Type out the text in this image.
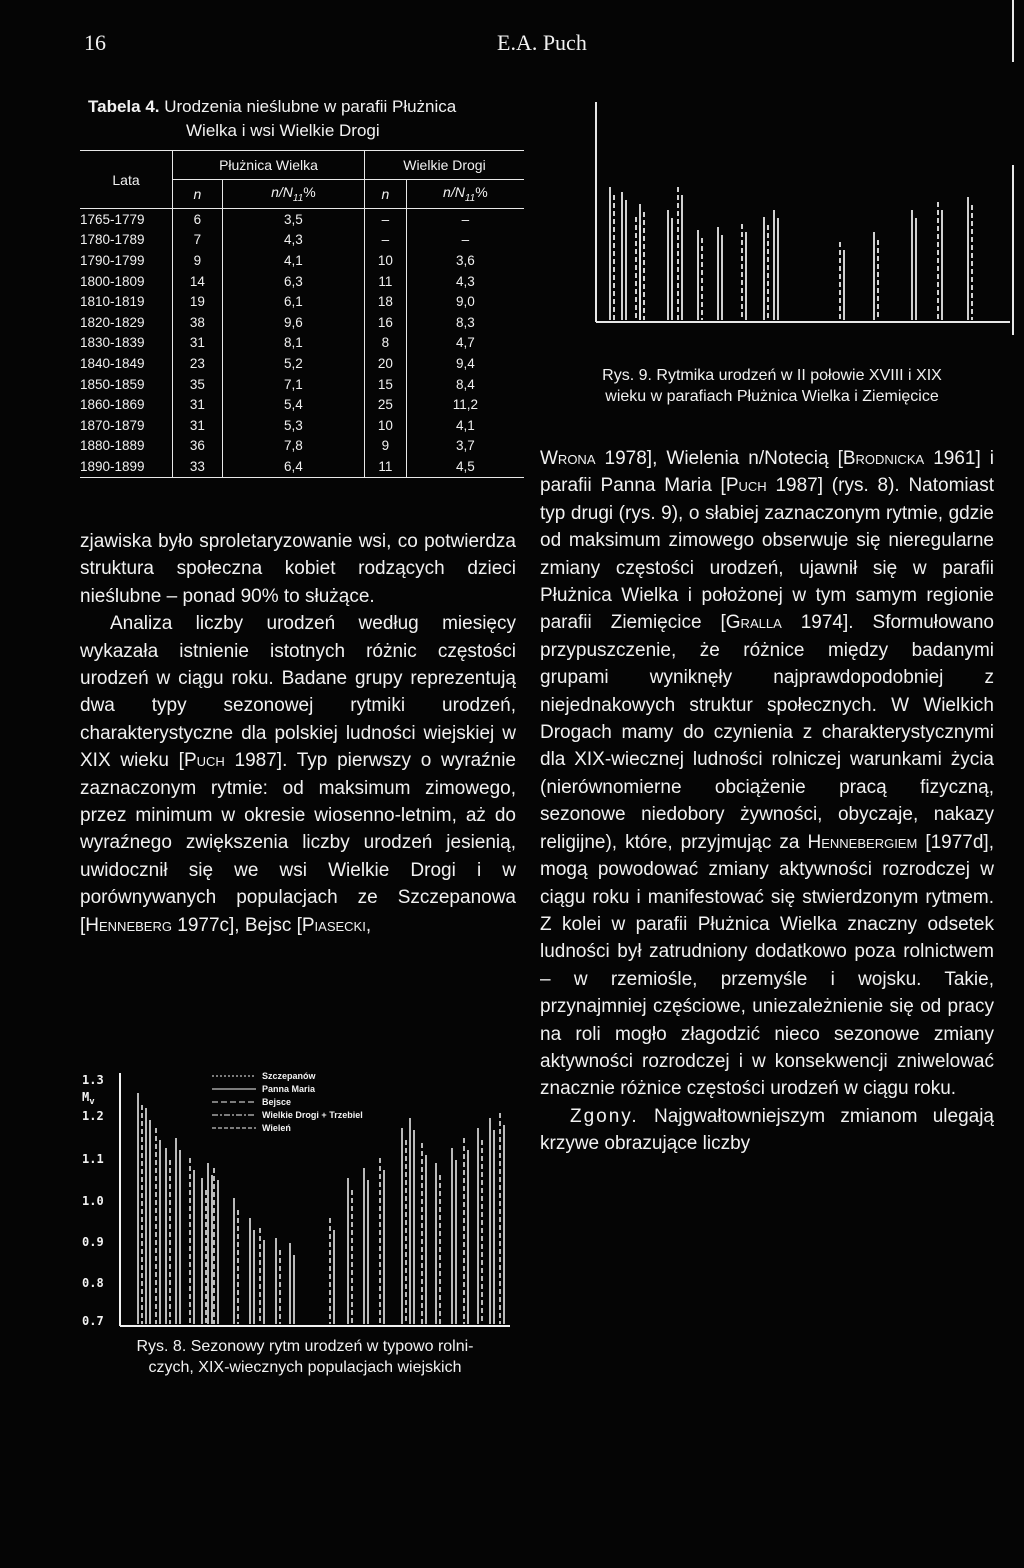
16	E.A. Puch
Tabela 4. Urodzenia nieślubne w parafii Płużnica
Wielka i wsi Wielkie Drogi
Lata	Płużnica Wielka		Wielkie Drogi	
	n	$n/N_{11}\%$	n	$n/N_{11}\%$
1765-1779	6	3,5	–	–
1780-1789	7	4,3	–	–
1790-1799	9	4,1	10	3,6
1800-1809	14	6,3	11	4,3
1810-1819	19	6,1	18	9,0
1820-1829	38	9,6	16	8,3
1830-1839	31	8,1	8	4,7
1840-1849	23	5,2	20	9,4
1850-1859	35	7,1	15	8,4
1860-1869	31	5,4	25	11,2
1870-1879	31	5,3	10	4,1
1880-1889	36	7,8	9	3,7
1890-1899	33	6,4	11	4,5

zjawiska było sproletaryzowanie wsi, co potwierdza struktura społeczna kobiet rodzących dzieci nieślubne – ponad 90% to służące.

Analiza liczby urodzeń według miesięcy wykazała istnienie istotnych różnic częstości urodzeń w ciągu roku. Badane grupy reprezentują dwa typy sezonowej rytmiki urodzeń, charakterystyczne dla polskiej ludności wiejskiej w XIX wieku [Puch 1987]. Typ pierwszy o wyraźnie zaznaczonym rytmie: od maksimum zimowego, przez minimum w okresie wiosenno-letnim, aż do wyraźnego zwiększenia liczby urodzeń jesienią, uwidocznił się we wsi Wielkie Drogi i w porównywanych populacjach ze Szczepanowa [Henneberg 1977c], Bejsc [Piasecki,

1.3
$M_v$
1.2
1.1
1.0
0.9
0.8
0.7
Szczepanów
Panna Maria
Bejsce
Wielkie Drogi + Trzebiel
Wieleń
Rys. 8. Sezonowy rytm urodzeń w typowo rolni-
czych, XIX-wiecznych populacjach wiejskich
Rys. 9. Rytmika urodzeń w II połowie XVIII i XIX
wieku w parafiach Płużnica Wielka i Ziemięcice

Wrona 1978], Wielenia n/Notecią [Brodnicka 1961] i parafii Panna Maria [Puch 1987] (rys. 8). Natomiast typ drugi (rys. 9), o słabiej zaznaczonym rytmie, gdzie od maksimum zimowego obserwuje się nieregularne zmiany częstości urodzeń, ujawnił się w parafii Płużnica Wielka i położonej w tym samym regionie parafii Ziemięcice [Gralla 1974]. Sformułowano przypuszczenie, że różnice między badanymi grupami wyniknęły najprawdopodobniej z niejednakowych struktur społecznych. W Wielkich Drogach mamy do czynienia z charakterystycznymi dla XIX-wiecznej ludności rolniczej warunkami życia (nierównomierne obciążenie pracą fizyczną, sezonowe niedobory żywności, obyczaje, nakazy religijne), które, przyjmując za Hennebergiem [1977d], mogą powodować zmiany aktywności rozrodczej w ciągu roku i manifestować się stwierdzonym rytmem. Z kolei w parafii Płużnica Wielka znaczny odsetek ludności był zatrudniony dodatkowo poza rolnictwem – w rzemiośle, przemyśle i wojsku. Takie, przynajmniej częściowe, uniezależnienie się od pracy na roli mogło złagodzić nieco sezonowe zmiany aktywności rozrodczej i w konsekwencji zniwelować znacznie różnice częstości urodzeń w ciągu roku.

Zgony. Najgwałtowniejszym zmianom ulegają krzywe obrazujące liczby
